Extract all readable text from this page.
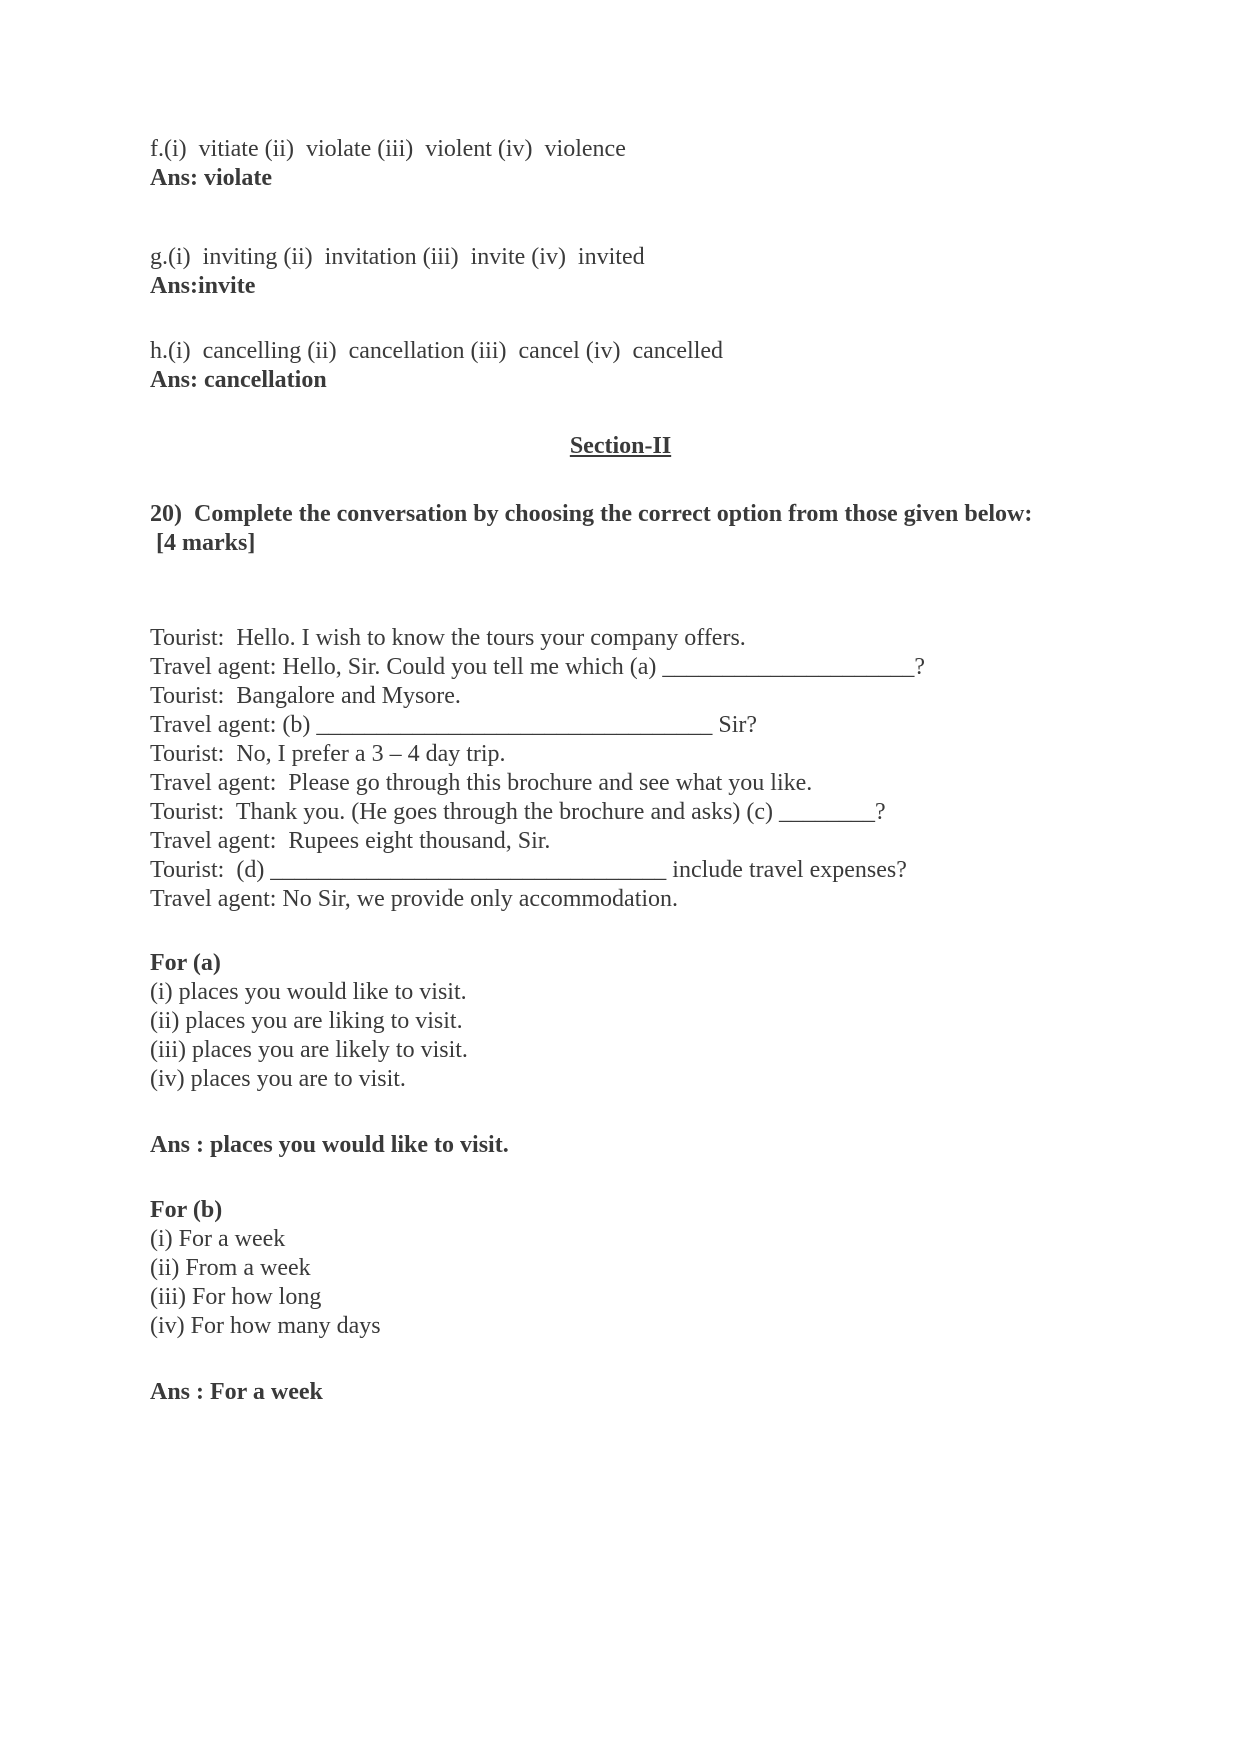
f.(i)  vitiate (ii)  violate (iii)  violent (iv)  violence

Ans: violate

g.(i)  inviting (ii)  invitation (iii)  invite (iv)  invited

Ans:invite

h.(i)  cancelling (ii)  cancellation (iii)  cancel (iv)  cancelled

Ans: cancellation

Section-II

20)  Complete the conversation by choosing the correct option from those given below:

[4 marks]

Tourist:  Hello. I wish to know the tours your company offers.

Travel agent: Hello, Sir. Could you tell me which (a) _____________________?

Tourist:  Bangalore and Mysore.

Travel agent: (b) _________________________________ Sir?

Tourist:  No, I prefer a 3 – 4 day trip.

Travel agent:  Please go through this brochure and see what you like.

Tourist:  Thank you. (He goes through the brochure and asks) (c) ________?

Travel agent:  Rupees eight thousand, Sir.

Tourist:  (d) _________________________________ include travel expenses?

Travel agent: No Sir, we provide only accommodation.

For (a)

(i) places you would like to visit.

(ii) places you are liking to visit.

(iii) places you are likely to visit.

(iv) places you are to visit.

Ans : places you would like to visit.

For (b)

(i) For a week

(ii) From a week

(iii) For how long

(iv) For how many days

Ans : For a week
